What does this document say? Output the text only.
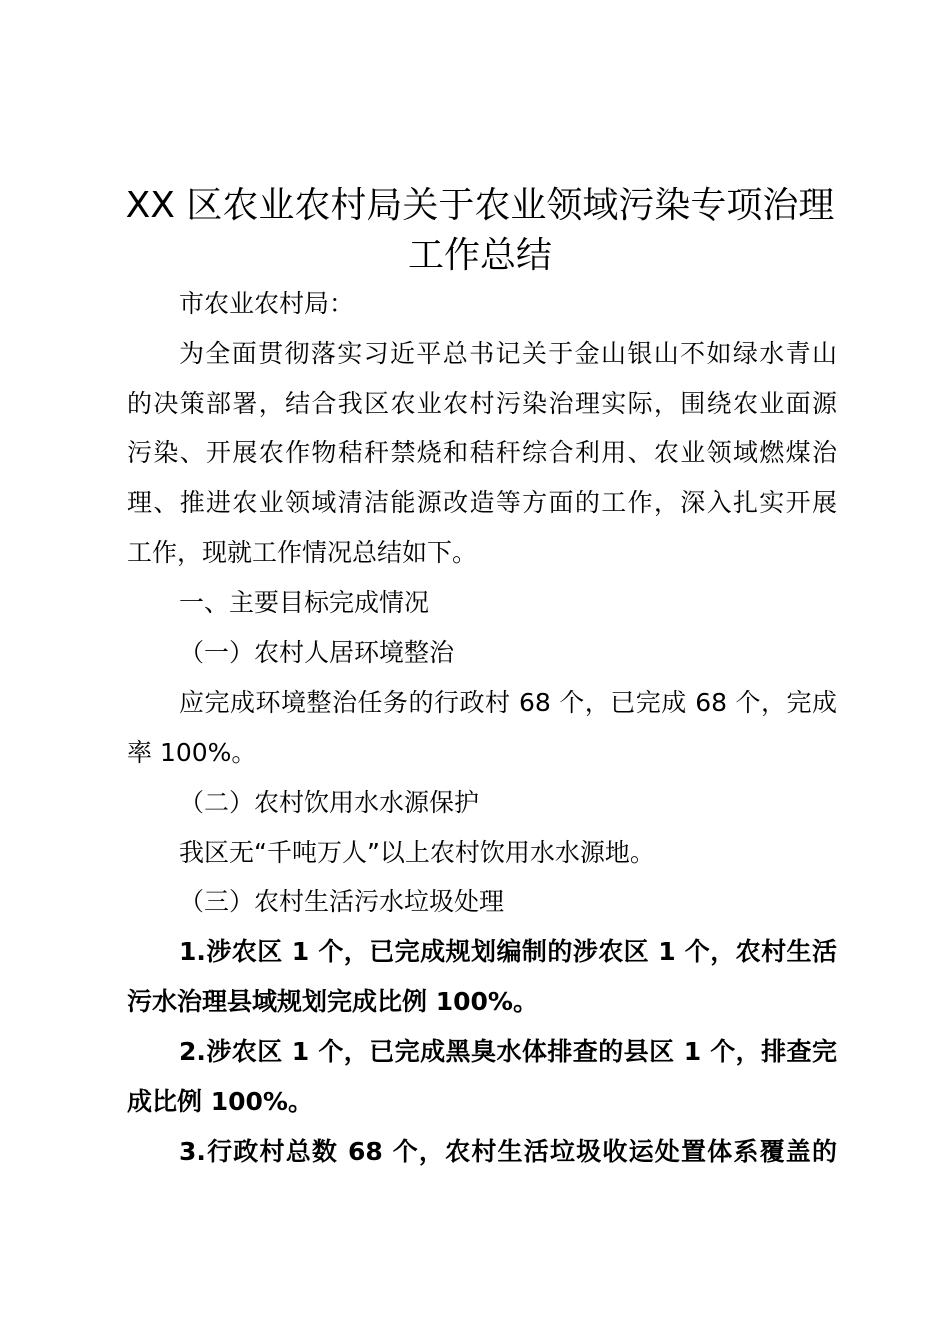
XX 区农业农村局关于农业领域污染专项治理
工作总结
市农业农村局：
为全面贯彻落实习近平总书记关于金山银山不如绿水青山
的决策部署，结合我区农业农村污染治理实际，围绕农业面源
污染、开展农作物秸秆禁烧和秸秆综合利用、农业领域燃煤治
理、推进农业领域清洁能源改造等方面的工作，深入扎实开展
工作，现就工作情况总结如下。
一、主要目标完成情况
（一）农村人居环境整治
应完成环境整治任务的行政村 68 个，已完成 68 个，完成
率 100%。
（二）农村饮用水水源保护
我区无“千吨万人”以上农村饮用水水源地。
（三）农村生活污水垃圾处理
1.涉农区 1 个，已完成规划编制的涉农区 1 个，农村生活
污水治理县域规划完成比例 100%。
2.涉农区 1 个，已完成黑臭水体排查的县区 1 个，排查完
成比例 100%。
3.行政村总数 68 个，农村生活垃圾收运处置体系覆盖的
